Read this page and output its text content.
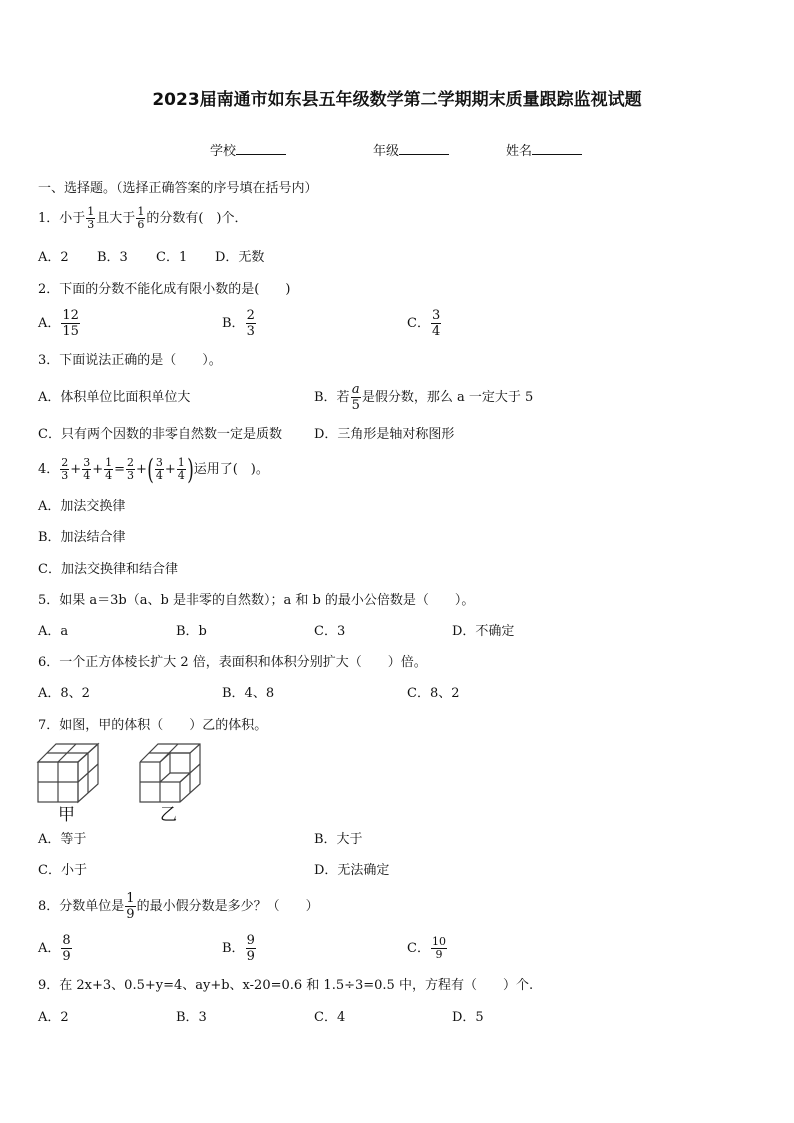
2023届南通市如东县五年级数学第二学期期末质量跟踪监视试题
学校	年级	姓名
一、选择题。（选择正确答案的序号填在括号内）
1．小于 $\frac{1}{3}$ 且大于 $\frac{1}{6}$ 的分数有(　)个．
A．2 B．3 C．1 D．无数
2．下面的分数不能化成有限小数的是(　　)
A． $\frac{12}{15}$	B． $\frac{2}{3}$	C． $\frac{3}{4}$
3．下面说法正确的是（　　）。
A．体积单位比面积单位大	B．若 $\frac{a}{5}$ 是假分数，那么 a 一定大于 5
C．只有两个因数的非零自然数一定是质数 D．三角形是轴对称图形
4． $\frac{2}{3} + \frac{3}{4} + \frac{1}{4} = \frac{2}{3}$ +( $\frac{3}{4} + \frac{1}{4}$ )运用了(　)。
A．加法交换律
B．加法结合律
C．加法交换律和结合律
5．如果 a＝3b（a、b 是非零的自然数）；a 和 b 的最小公倍数是（　　）。
A．a	B．b	C．3	D．不确定
6．一个正方体棱长扩大 2 倍，表面积和体积分别扩大（　　）倍。
A．8、2	B．4、8	C．8、2
7．如图，甲的体积（　　）乙的体积。
甲	乙
A．等于	B．大于
C．小于	D．无法确定
8．分数单位是 $\frac{1}{9}$ 的最小假分数是多少？（　　）
A． $\frac{8}{9}$	B． $\frac{9}{9}$	C． $\frac{10}{9}$
9．在 2x+3、0.5+y=4、ay+b、x-20=0.6 和 1.5÷3=0.5 中，方程有（　　）个.
A．2	B．3	C．4	D．5
